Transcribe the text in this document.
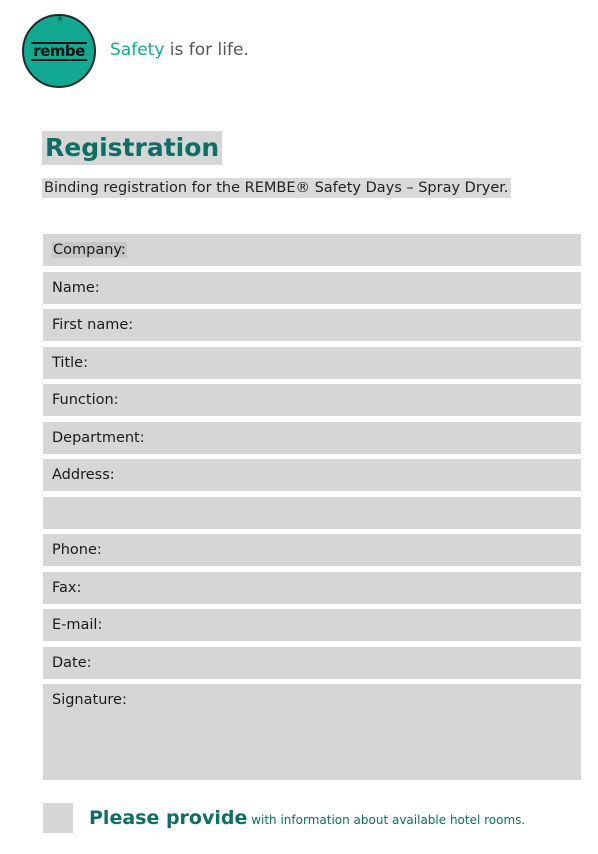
rembe
®
Safety is for life.
Registration
Binding registration for the REMBE® Safety Days – Spray Dryer.
Company:
Name:
First name:
Title:
Function:
Department:
Address:
Phone:
Fax:
E-mail:
Date:
Signature:
Please provide with information about available hotel rooms.
